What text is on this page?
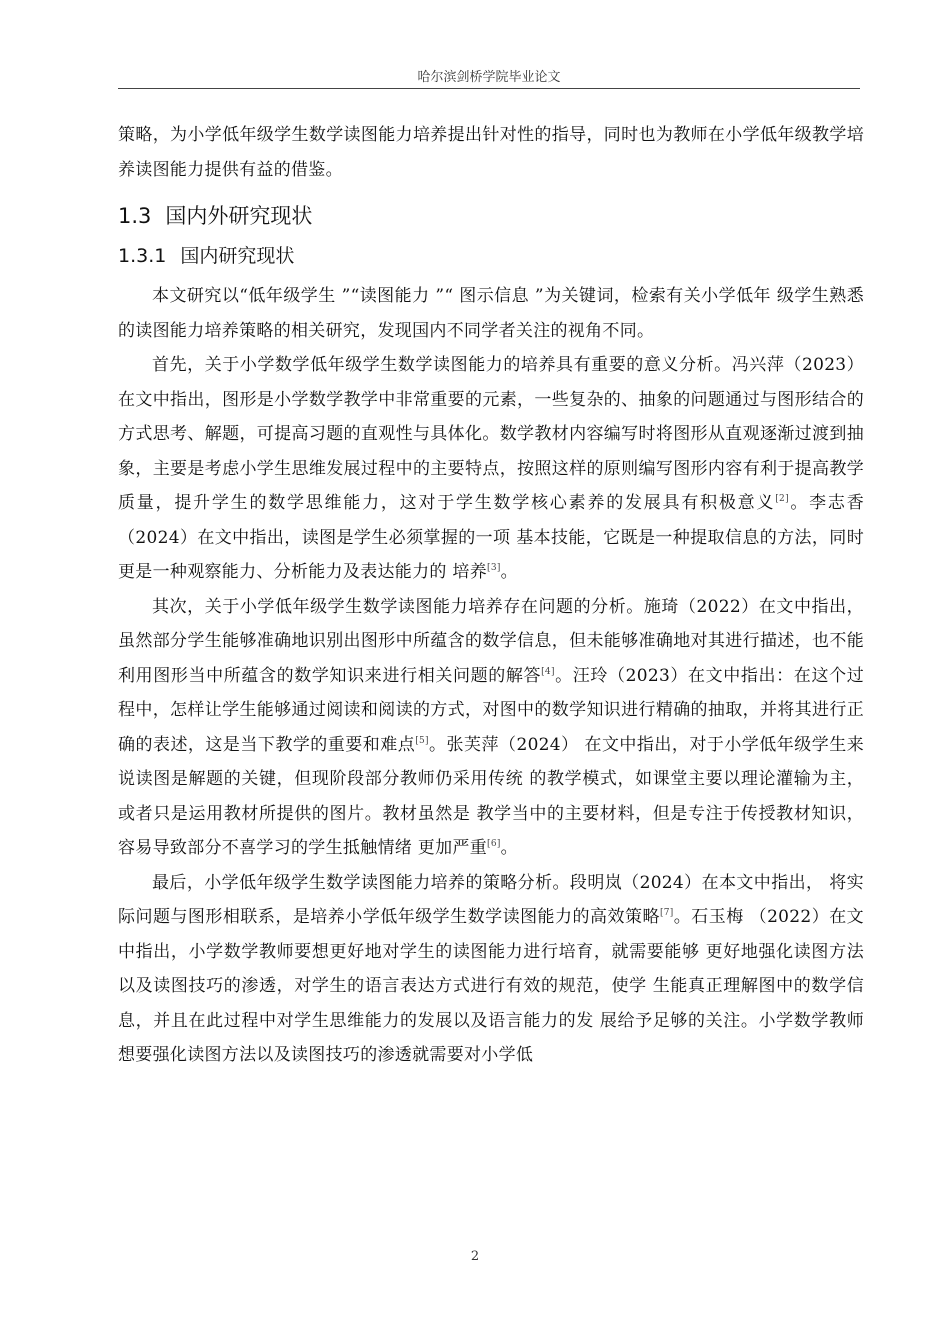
哈尔滨剑桥学院毕业论文

策略，为小学低年级学生数学读图能力培养提出针对性的指导，同时也为教师在小学低年级教学培养读图能力提供有益的借鉴。

1.3 国内外研究现状
1.3.1 国内研究现状

本文研究以“低年级学生 ”“读图能力 ”“ 图示信息 ”为关键词，检索有关小学低年 级学生熟悉的读图能力培养策略的相关研究，发现国内不同学者关注的视角不同。

首先，关于小学数学低年级学生数学读图能力的培养具有重要的意义分析。冯兴萍（2023）在文中指出，图形是小学数学教学中非常重要的元素，一些复杂的、抽象的问题通过与图形结合的方式思考、解题，可提高习题的直观性与具体化。数学教材内容编写时将图形从直观逐渐过渡到抽象，主要是考虑小学生思维发展过程中的主要特点，按照这样的原则编写图形内容有利于提高教学质量，提升学生的数学思维能力，这对于学生数学核心素养的发展具有积极意义[2]。李志香（2024）在文中指出，读图是学生必须掌握的一项 基本技能，它既是一种提取信息的方法，同时更是一种观察能力、分析能力及表达能力的 培养[3]。

其次，关于小学低年级学生数学读图能力培养存在问题的分析。施琦（2022）在文中指出，虽然部分学生能够准确地识别出图形中所蕴含的数学信息，但未能够准确地对其进行描述，也不能利用图形当中所蕴含的数学知识来进行相关问题的解答[4]。汪玲（2023）在文中指出：在这个过程中，怎样让学生能够通过阅读和阅读的方式，对图中的数学知识进行精确的抽取，并将其进行正确的表述，这是当下教学的重要和难点[5]。张芙萍（2024） 在文中指出，对于小学低年级学生来说读图是解题的关键，但现阶段部分教师仍采用传统 的教学模式，如课堂主要以理论灌输为主，或者只是运用教材所提供的图片。教材虽然是 教学当中的主要材料，但是专注于传授教材知识，容易导致部分不喜学习的学生抵触情绪 更加严重[6]。

最后，小学低年级学生数学读图能力培养的策略分析。段明岚（2024）在本文中指出， 将实际问题与图形相联系，是培养小学低年级学生数学读图能力的高效策略[7]。石玉梅 （2022）在文中指出，小学数学教师要想更好地对学生的读图能力进行培育，就需要能够 更好地强化读图方法以及读图技巧的渗透，对学生的语言表达方式进行有效的规范，使学 生能真正理解图中的数学信息，并且在此过程中对学生思维能力的发展以及语言能力的发 展给予足够的关注。小学数学教师想要强化读图方法以及读图技巧的渗透就需要对小学低

2
